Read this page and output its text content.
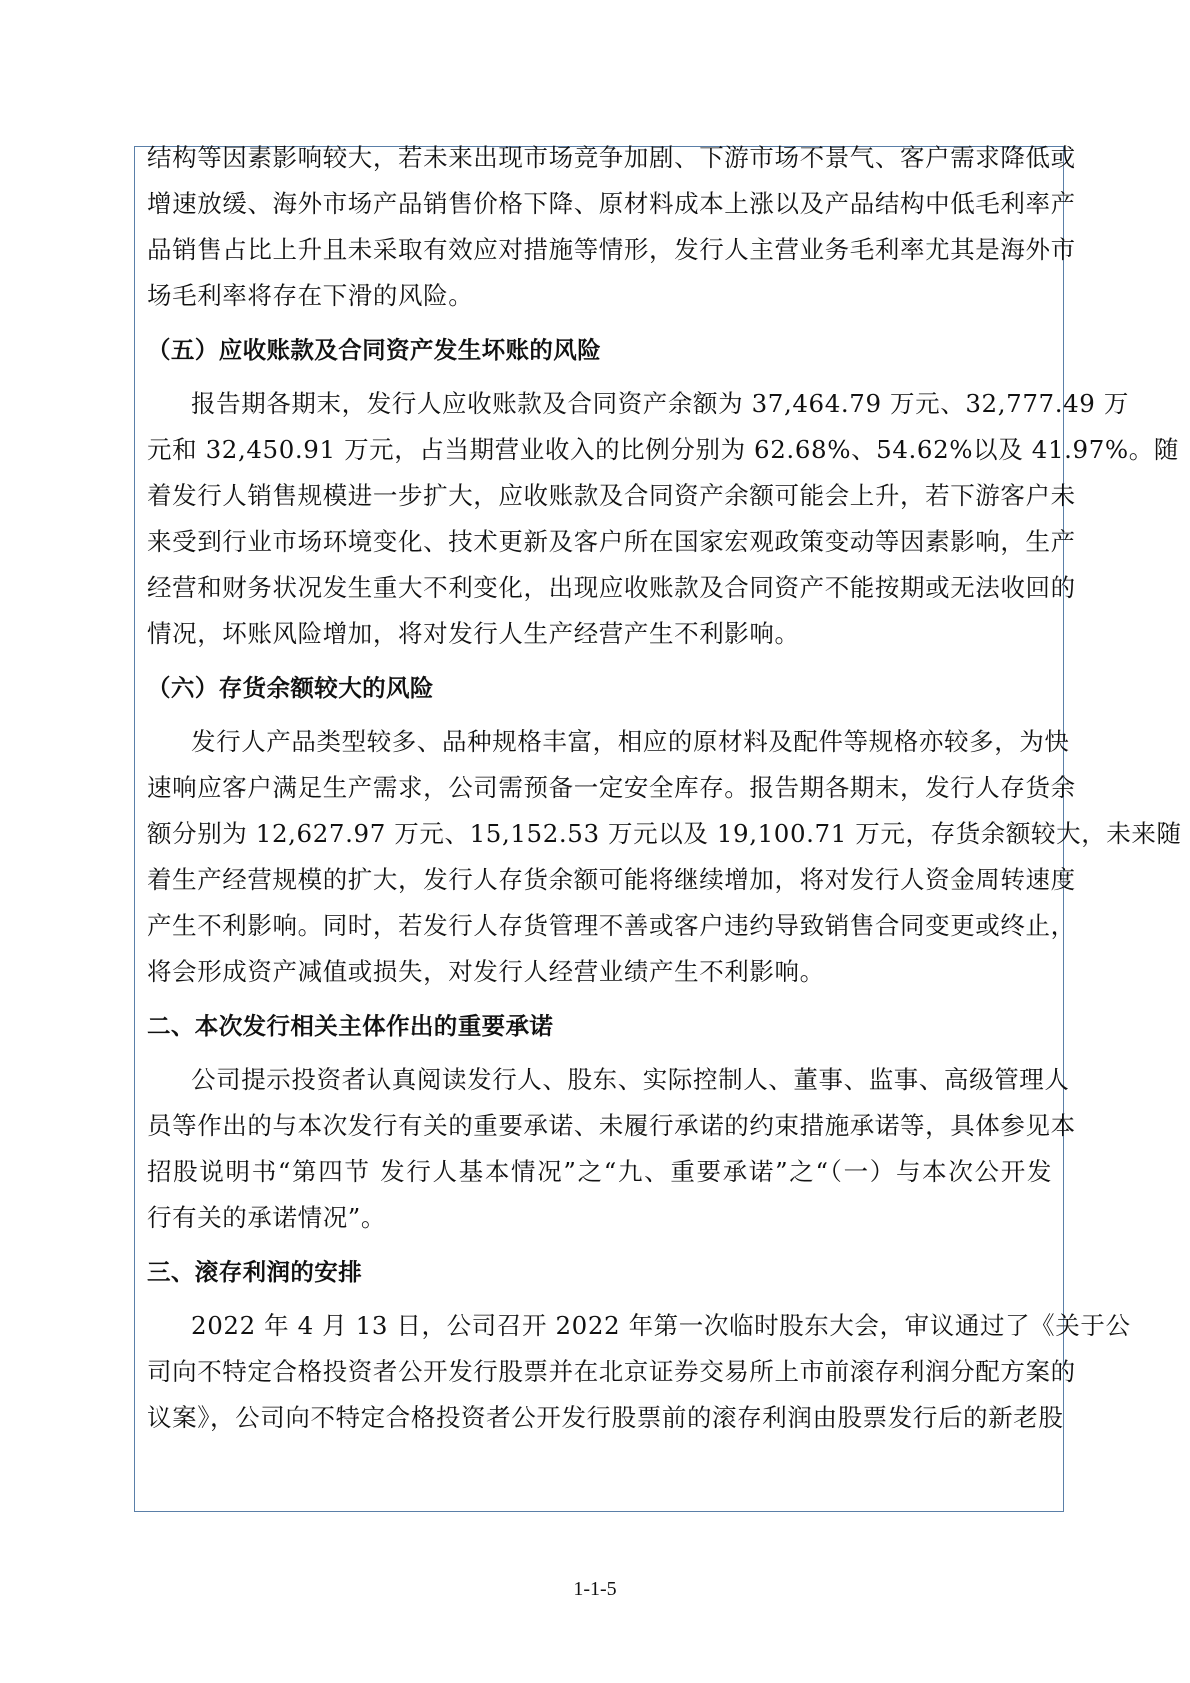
结构等因素影响较大，若未来出现市场竞争加剧、下游市场不景气、客户需求降低或
增速放缓、海外市场产品销售价格下降、原材料成本上涨以及产品结构中低毛利率产
品销售占比上升且未采取有效应对措施等情形，发行人主营业务毛利率尤其是海外市
场毛利率将存在下滑的风险。
（五）应收账款及合同资产发生坏账的风险
报告期各期末，发行人应收账款及合同资产余额为 37,464.79 万元、32,777.49 万
元和 32,450.91 万元，占当期营业收入的比例分别为 62.68%、54.62%以及 41.97%。随
着发行人销售规模进一步扩大，应收账款及合同资产余额可能会上升，若下游客户未
来受到行业市场环境变化、技术更新及客户所在国家宏观政策变动等因素影响，生产
经营和财务状况发生重大不利变化，出现应收账款及合同资产不能按期或无法收回的
情况，坏账风险增加，将对发行人生产经营产生不利影响。
（六）存货余额较大的风险
发行人产品类型较多、品种规格丰富，相应的原材料及配件等规格亦较多，为快
速响应客户满足生产需求，公司需预备一定安全库存。报告期各期末，发行人存货余
额分别为 12,627.97 万元、15,152.53 万元以及 19,100.71 万元，存货余额较大，未来随
着生产经营规模的扩大，发行人存货余额可能将继续增加，将对发行人资金周转速度
产生不利影响。同时，若发行人存货管理不善或客户违约导致销售合同变更或终止，
将会形成资产减值或损失，对发行人经营业绩产生不利影响。
二、本次发行相关主体作出的重要承诺
公司提示投资者认真阅读发行人、股东、实际控制人、董事、监事、高级管理人
员等作出的与本次发行有关的重要承诺、未履行承诺的约束措施承诺等，具体参见本
招股说明书“第四节 发行人基本情况”之“九、重要承诺”之“（一）与本次公开发
行有关的承诺情况”。
三、滚存利润的安排
2022 年 4 月 13 日，公司召开 2022 年第一次临时股东大会，审议通过了《关于公
司向不特定合格投资者公开发行股票并在北京证券交易所上市前滚存利润分配方案的
议案》，公司向不特定合格投资者公开发行股票前的滚存利润由股票发行后的新老股
1-1-5
